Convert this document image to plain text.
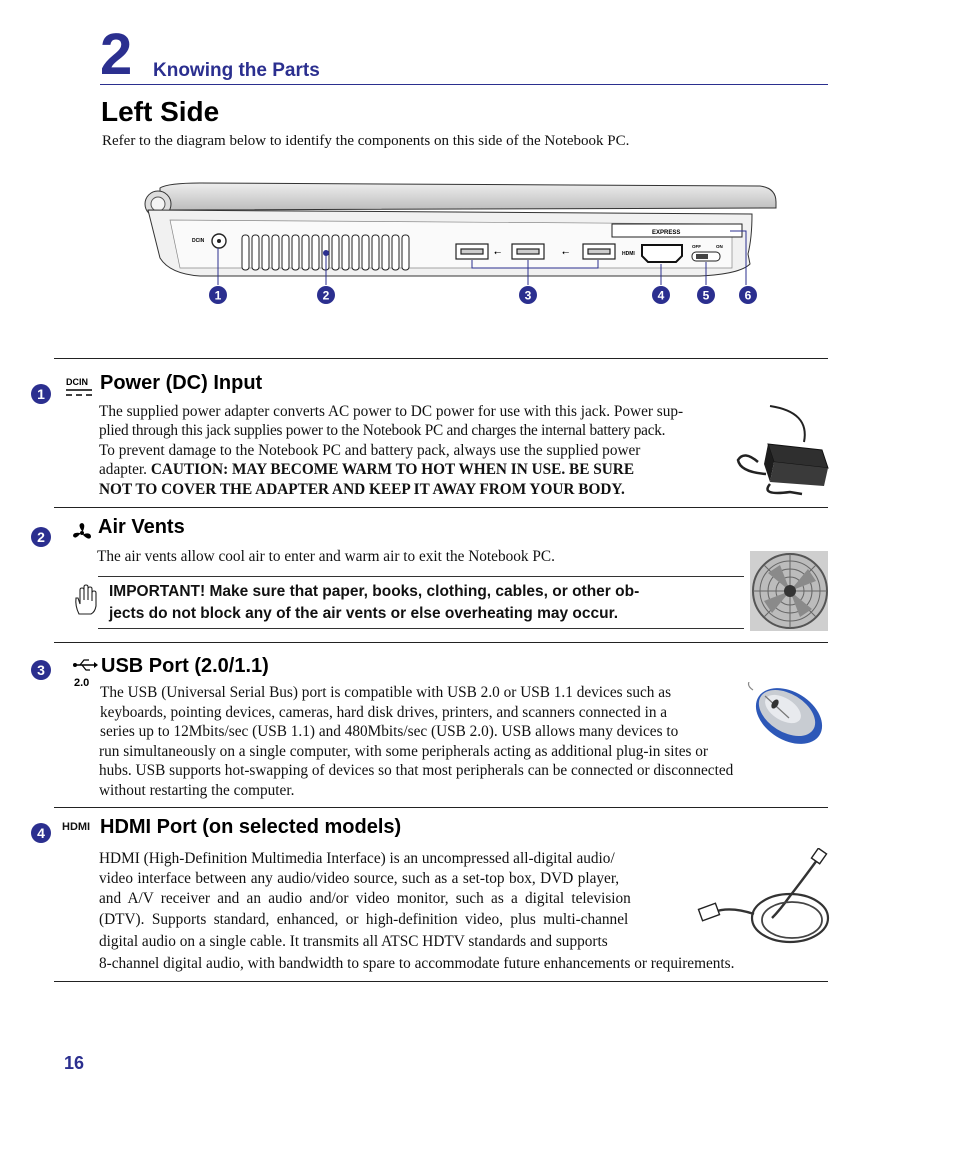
2 Knowing the Parts
Left Side
Refer to the diagram below to identify the components on this side of the Notebook PC.
DCIN
⭠	⭠
EXPRESS
HDMI
OFF	ON
1	2	3	4	5	6
1
DCIN Power (DC) Input
The supplied power adapter converts AC power to DC power for use with this jack. Power sup-
plied through this jack supplies power to the Notebook PC and charges the internal battery pack.
To prevent damage to the Notebook PC and battery pack, always use the supplied power
adapter. CAUTION: MAY BECOME WARM TO HOT WHEN IN USE. BE SURE
NOT TO COVER THE ADAPTER AND KEEP IT AWAY FROM YOUR BODY.
2	Air Vents
The air vents allow cool air to enter and warm air to exit the Notebook PC.
IMPORTANT! Make sure that paper, books, clothing, cables, or other ob-
jects do not block any of the air vents or else overheating may occur.
3
2.0
USB Port (2.0/1.1)
The USB (Universal Serial Bus) port is compatible with USB 2.0 or USB 1.1 devices such as
keyboards, pointing devices, cameras, hard disk drives, printers, and scanners connected in a
series up to 12Mbits/sec (USB 1.1) and 480Mbits/sec (USB 2.0). USB allows many devices to
run simultaneously on a single computer, with some peripherals acting as additional plug-in sites or
hubs. USB supports hot-swapping of devices so that most peripherals can be connected or disconnected
without restarting the computer.
4	HDMI HDMI Port (on selected models)
HDMI (High-Definition Multimedia Interface) is an uncompressed all-digital audio/
video interface between any audio/video source, such as a set-top box, DVD player,
and A/V receiver and an audio and/or video monitor, such as a digital television
(DTV). Supports standard, enhanced, or high-definition video, plus multi-channel
digital audio on a single cable. It transmits all ATSC HDTV standards and supports
8-channel digital audio, with bandwidth to spare to accommodate future enhancements or requirements.
16
